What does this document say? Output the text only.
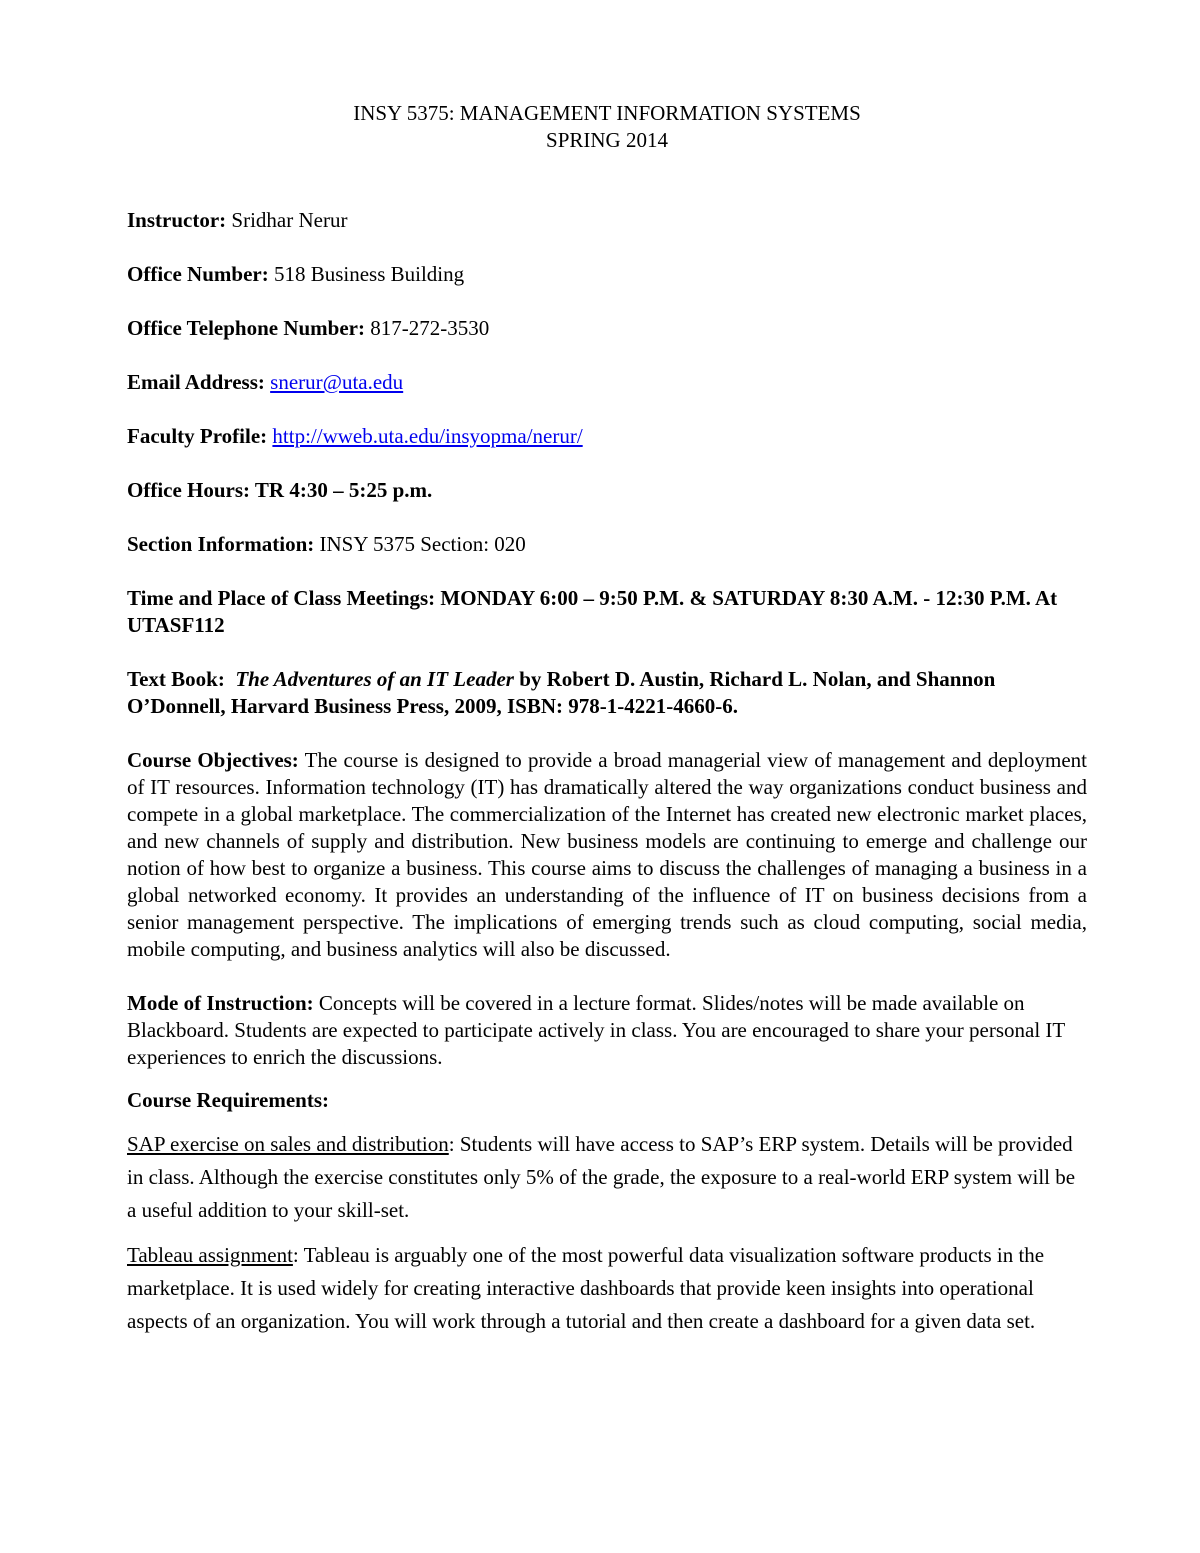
INSY 5375: MANAGEMENT INFORMATION SYSTEMS

SPRING 2014

Instructor: Sridhar Nerur

Office Number: 518 Business Building

Office Telephone Number: 817-272-3530

Email Address: snerur@uta.edu

Faculty Profile: http://wweb.uta.edu/insyopma/nerur/

Office Hours: TR 4:30 – 5:25 p.m.

Section Information: INSY 5375 Section: 020

Time and Place of Class Meetings: MONDAY 6:00 – 9:50 P.M. & SATURDAY 8:30 A.M. - 12:30 P.M. At UTASF112

Text Book: The Adventures of an IT Leader by Robert D. Austin, Richard L. Nolan, and Shannon O’Donnell, Harvard Business Press, 2009, ISBN: 978-1-4221-4660-6.

Course Objectives: The course is designed to provide a broad managerial view of management and deployment of IT resources. Information technology (IT) has dramatically altered the way organizations conduct business and compete in a global marketplace. The commercialization of the Internet has created new electronic market places, and new channels of supply and distribution. New business models are continuing to emerge and challenge our notion of how best to organize a business. This course aims to discuss the challenges of managing a business in a global networked economy. It provides an understanding of the influence of IT on business decisions from a senior management perspective. The implications of emerging trends such as cloud computing, social media, mobile computing, and business analytics will also be discussed.

Mode of Instruction: Concepts will be covered in a lecture format. Slides/notes will be made available on Blackboard. Students are expected to participate actively in class. You are encouraged to share your personal IT experiences to enrich the discussions.

Course Requirements:

SAP exercise on sales and distribution: Students will have access to SAP’s ERP system. Details will be provided in class. Although the exercise constitutes only 5% of the grade, the exposure to a real-world ERP system will be a useful addition to your skill-set.

Tableau assignment: Tableau is arguably one of the most powerful data visualization software products in the marketplace. It is used widely for creating interactive dashboards that provide keen insights into operational aspects of an organization. You will work through a tutorial and then create a dashboard for a given data set.
